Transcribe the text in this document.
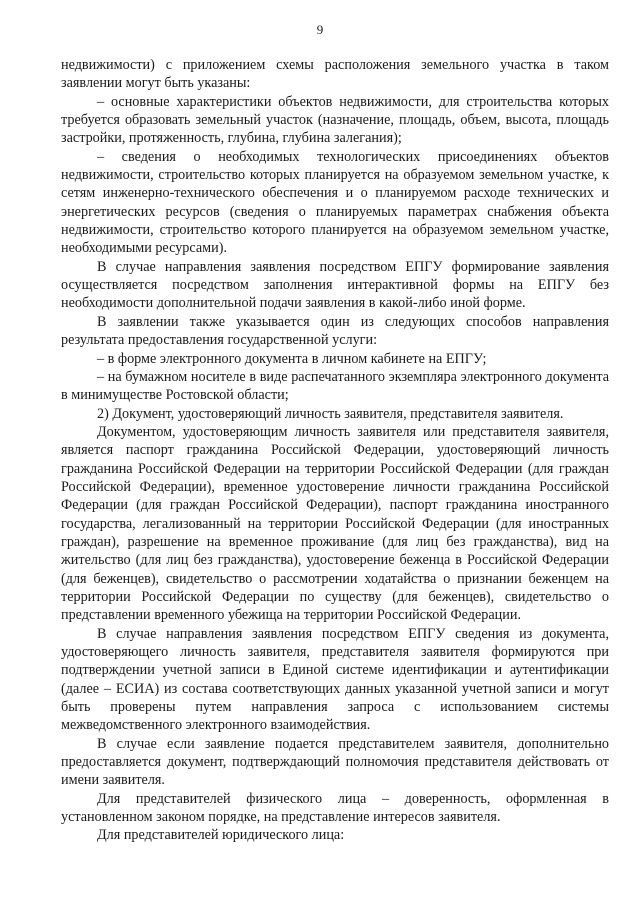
9

недвижимости) с приложением схемы расположения земельного участка в таком заявлении могут быть указаны:

– основные характеристики объектов недвижимости, для строительства которых требуется образовать земельный участок (назначение, площадь, объем, высота, площадь застройки, протяженность, глубина, глубина залегания);

– сведения о необходимых технологических присоединениях объектов недвижимости, строительство которых планируется на образуемом земельном участке, к сетям инженерно-технического обеспечения и о планируемом расходе технических и энергетических ресурсов (сведения о планируемых параметрах снабжения объекта недвижимости, строительство которого планируется на образуемом земельном участке, необходимыми ресурсами).

В случае направления заявления посредством ЕПГУ формирование заявления осуществляется посредством заполнения интерактивной формы на ЕПГУ без необходимости дополнительной подачи заявления в какой-либо иной форме.

В заявлении также указывается один из следующих способов направления результата предоставления государственной услуги:

– в форме электронного документа в личном кабинете на ЕПГУ;

– на бумажном носителе в виде распечатанного экземпляра электронного документа в минимуществе Ростовской области;

2) Документ, удостоверяющий личность заявителя, представителя заявителя.

Документом, удостоверяющим личность заявителя или представителя заявителя, является паспорт гражданина Российской Федерации, удостоверяющий личность гражданина Российской Федерации на территории Российской Федерации (для граждан Российской Федерации), временное удостоверение личности гражданина Российской Федерации (для граждан Российской Федерации), паспорт гражданина иностранного государства, легализованный на территории Российской Федерации (для иностранных граждан), разрешение на временное проживание (для лиц без гражданства), вид на жительство (для лиц без гражданства), удостоверение беженца в Российской Федерации (для беженцев), свидетельство о рассмотрении ходатайства о признании беженцем на территории Российской Федерации по существу (для беженцев), свидетельство о представлении временного убежища на территории Российской Федерации.

В случае направления заявления посредством ЕПГУ сведения из документа, удостоверяющего личность заявителя, представителя заявителя формируются при подтверждении учетной записи в Единой системе идентификации и аутентификации (далее – ЕСИА) из состава соответствующих данных указанной учетной записи и могут быть проверены путем направления запроса с использованием системы межведомственного электронного взаимодействия.

В случае если заявление подается представителем заявителя, дополнительно предоставляется документ, подтверждающий полномочия представителя действовать от имени заявителя.

Для представителей физического лица – доверенность, оформленная в установленном законом порядке, на представление интересов заявителя.

Для представителей юридического лица:
